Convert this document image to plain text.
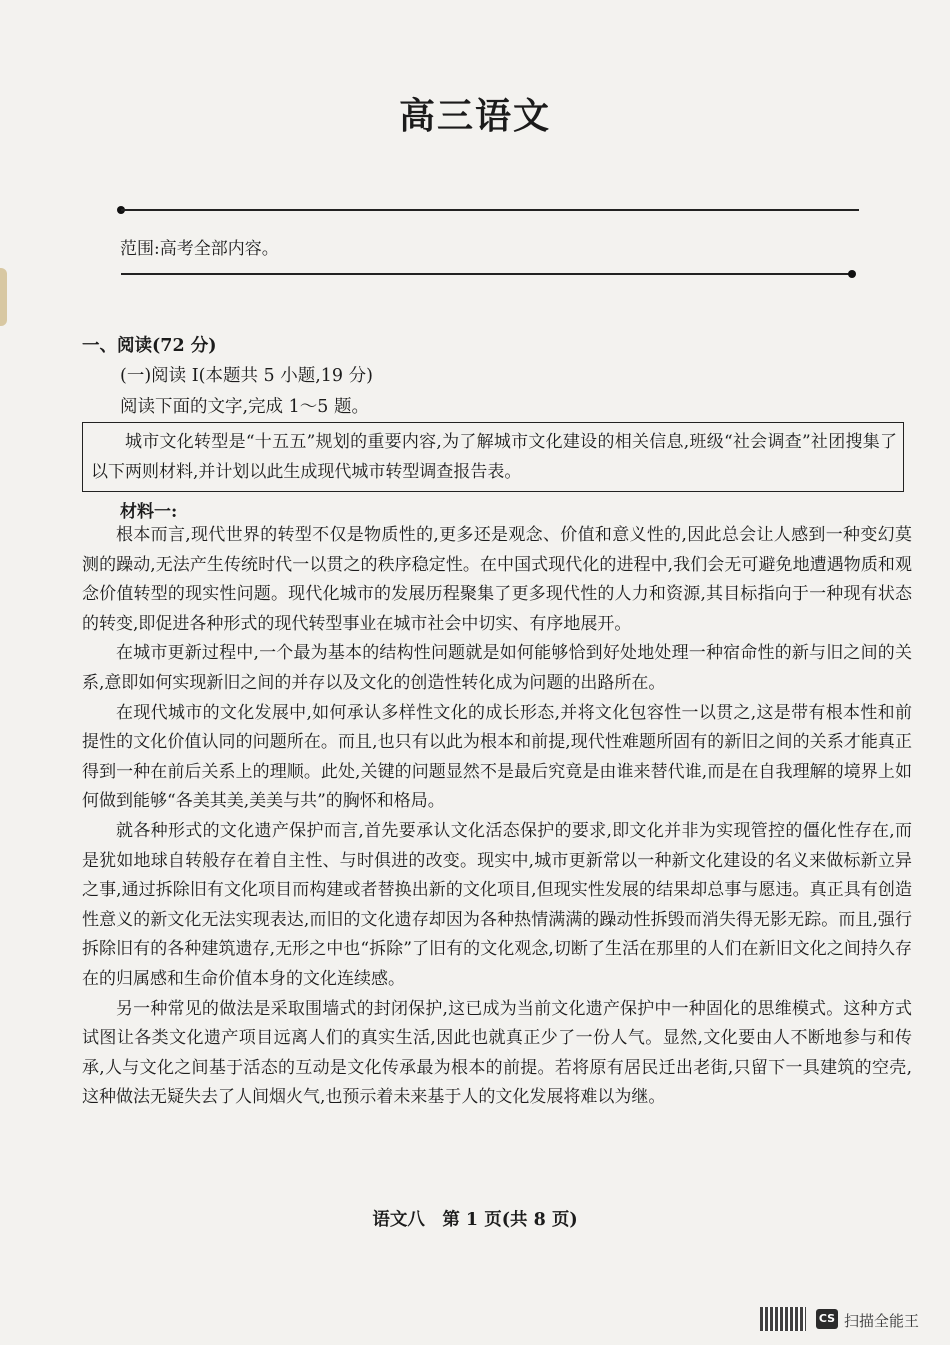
高三语文
范围:高考全部内容。
一、阅读(72 分)
(一)阅读 I(本题共 5 小题,19 分)
阅读下面的文字,完成 1～5 题。
城市文化转型是“十五五”规划的重要内容,为了解城市文化建设的相关信息,班级“社会调查”社团搜集了以下两则材料,并计划以此生成现代城市转型调查报告表。
材料一:

根本而言,现代世界的转型不仅是物质性的,更多还是观念、价值和意义性的,因此总会让人感到一种变幻莫测的躁动,无法产生传统时代一以贯之的秩序稳定性。在中国式现代化的进程中,我们会无可避免地遭遇物质和观念价值转型的现实性问题。现代化城市的发展历程聚集了更多现代性的人力和资源,其目标指向于一种现有状态的转变,即促进各种形式的现代转型事业在城市社会中切实、有序地展开。

在城市更新过程中,一个最为基本的结构性问题就是如何能够恰到好处地处理一种宿命性的新与旧之间的关系,意即如何实现新旧之间的并存以及文化的创造性转化成为问题的出路所在。

在现代城市的文化发展中,如何承认多样性文化的成长形态,并将文化包容性一以贯之,这是带有根本性和前提性的文化价值认同的问题所在。而且,也只有以此为根本和前提,现代性难题所固有的新旧之间的关系才能真正得到一种在前后关系上的理顺。此处,关键的问题显然不是最后究竟是由谁来替代谁,而是在自我理解的境界上如何做到能够“各美其美,美美与共”的胸怀和格局。

就各种形式的文化遗产保护而言,首先要承认文化活态保护的要求,即文化并非为实现管控的僵化性存在,而是犹如地球自转般存在着自主性、与时俱进的改变。现实中,城市更新常以一种新文化建设的名义来做标新立异之事,通过拆除旧有文化项目而构建或者替换出新的文化项目,但现实性发展的结果却总事与愿违。真正具有创造性意义的新文化无法实现表达,而旧的文化遗存却因为各种热情满满的躁动性拆毁而消失得无影无踪。而且,强行拆除旧有的各种建筑遗存,无形之中也“拆除”了旧有的文化观念,切断了生活在那里的人们在新旧文化之间持久存在的归属感和生命价值本身的文化连续感。

另一种常见的做法是采取围墙式的封闭保护,这已成为当前文化遗产保护中一种固化的思维模式。这种方式试图让各类文化遗产项目远离人们的真实生活,因此也就真正少了一份人气。显然,文化要由人不断地参与和传承,人与文化之间基于活态的互动是文化传承最为根本的前提。若将原有居民迁出老街,只留下一具建筑的空壳,这种做法无疑失去了人间烟火气,也预示着未来基于人的文化发展将难以为继。

语文八　第 1 页(共 8 页)
CS 扫描全能王
